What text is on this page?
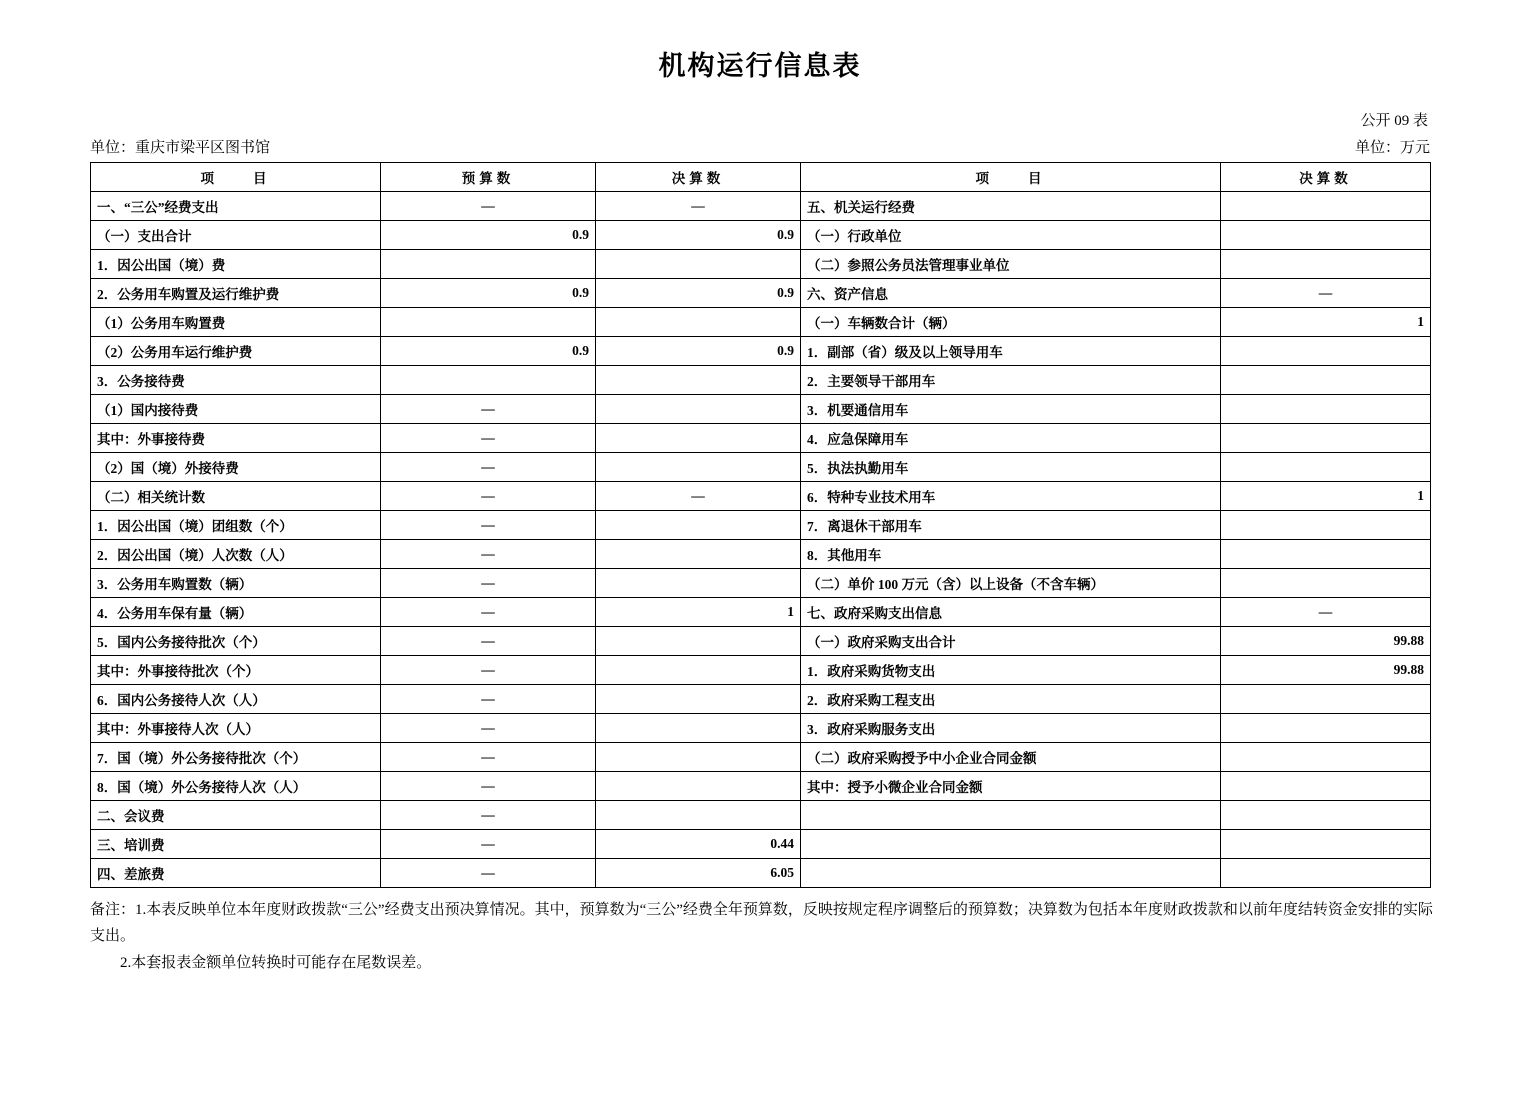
机构运行信息表
公开 09 表
单位：重庆市梁平区图书馆	单位：万元
项　　目	预算数	决算数	项　　目	决算数
一、“三公”经费支出	—	—	五、机关运行经费	
（一）支出合计	0.9	0.9	（一）行政单位	
1．因公出国（境）费			（二）参照公务员法管理事业单位	
2．公务用车购置及运行维护费	0.9	0.9	六、资产信息	—
（1）公务用车购置费			（一）车辆数合计（辆）	1
（2）公务用车运行维护费	0.9	0.9	1．副部（省）级及以上领导用车	
3．公务接待费			2．主要领导干部用车	
（1）国内接待费	—		3．机要通信用车	
其中：外事接待费	—		4．应急保障用车	
（2）国（境）外接待费	—		5．执法执勤用车	
（二）相关统计数	—	—	6．特种专业技术用车	1
1．因公出国（境）团组数（个）	—		7．离退休干部用车	
2．因公出国（境）人次数（人）	—		8．其他用车	
3．公务用车购置数（辆）	—		（二）单价 100 万元（含）以上设备（不含车辆）	
4．公务用车保有量（辆）	—	1	七、政府采购支出信息	—
5．国内公务接待批次（个）	—		（一）政府采购支出合计	99.88
其中：外事接待批次（个）	—		1．政府采购货物支出	99.88
6．国内公务接待人次（人）	—		2．政府采购工程支出	
其中：外事接待人次（人）	—		3．政府采购服务支出	
7．国（境）外公务接待批次（个）	—		（二）政府采购授予中小企业合同金额	
8．国（境）外公务接待人次（人）	—		其中：授予小微企业合同金额	
二、会议费	—			
三、培训费	—	0.44		
四、差旅费	—	6.05		

备注：1.本表反映单位本年度财政拨款“三公”经费支出预决算情况。其中，预算数为“三公”经费全年预算数，反映按规定程序调整后的预算数；决算数为包括本年度财政拨款和以前年度结转资金安排的实际支出。

2.本套报表金额单位转换时可能存在尾数误差。
